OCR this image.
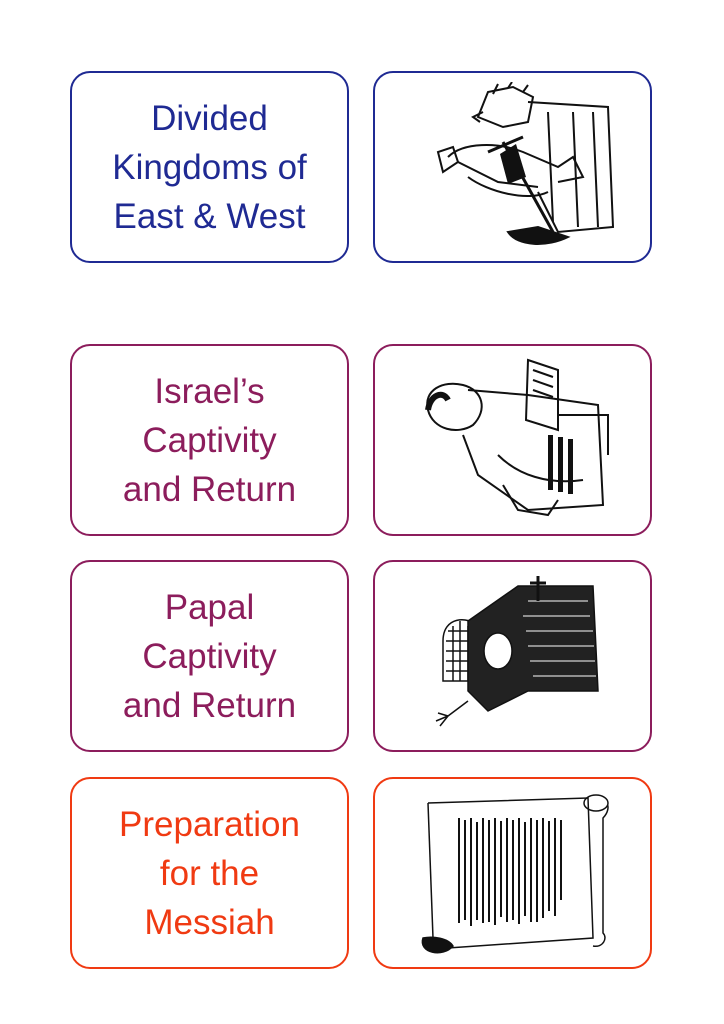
Divided
Kingdoms of
East & West

Israel’s
Captivity
and Return

Papal
Captivity
and Return

Preparation
for the
Messiah
